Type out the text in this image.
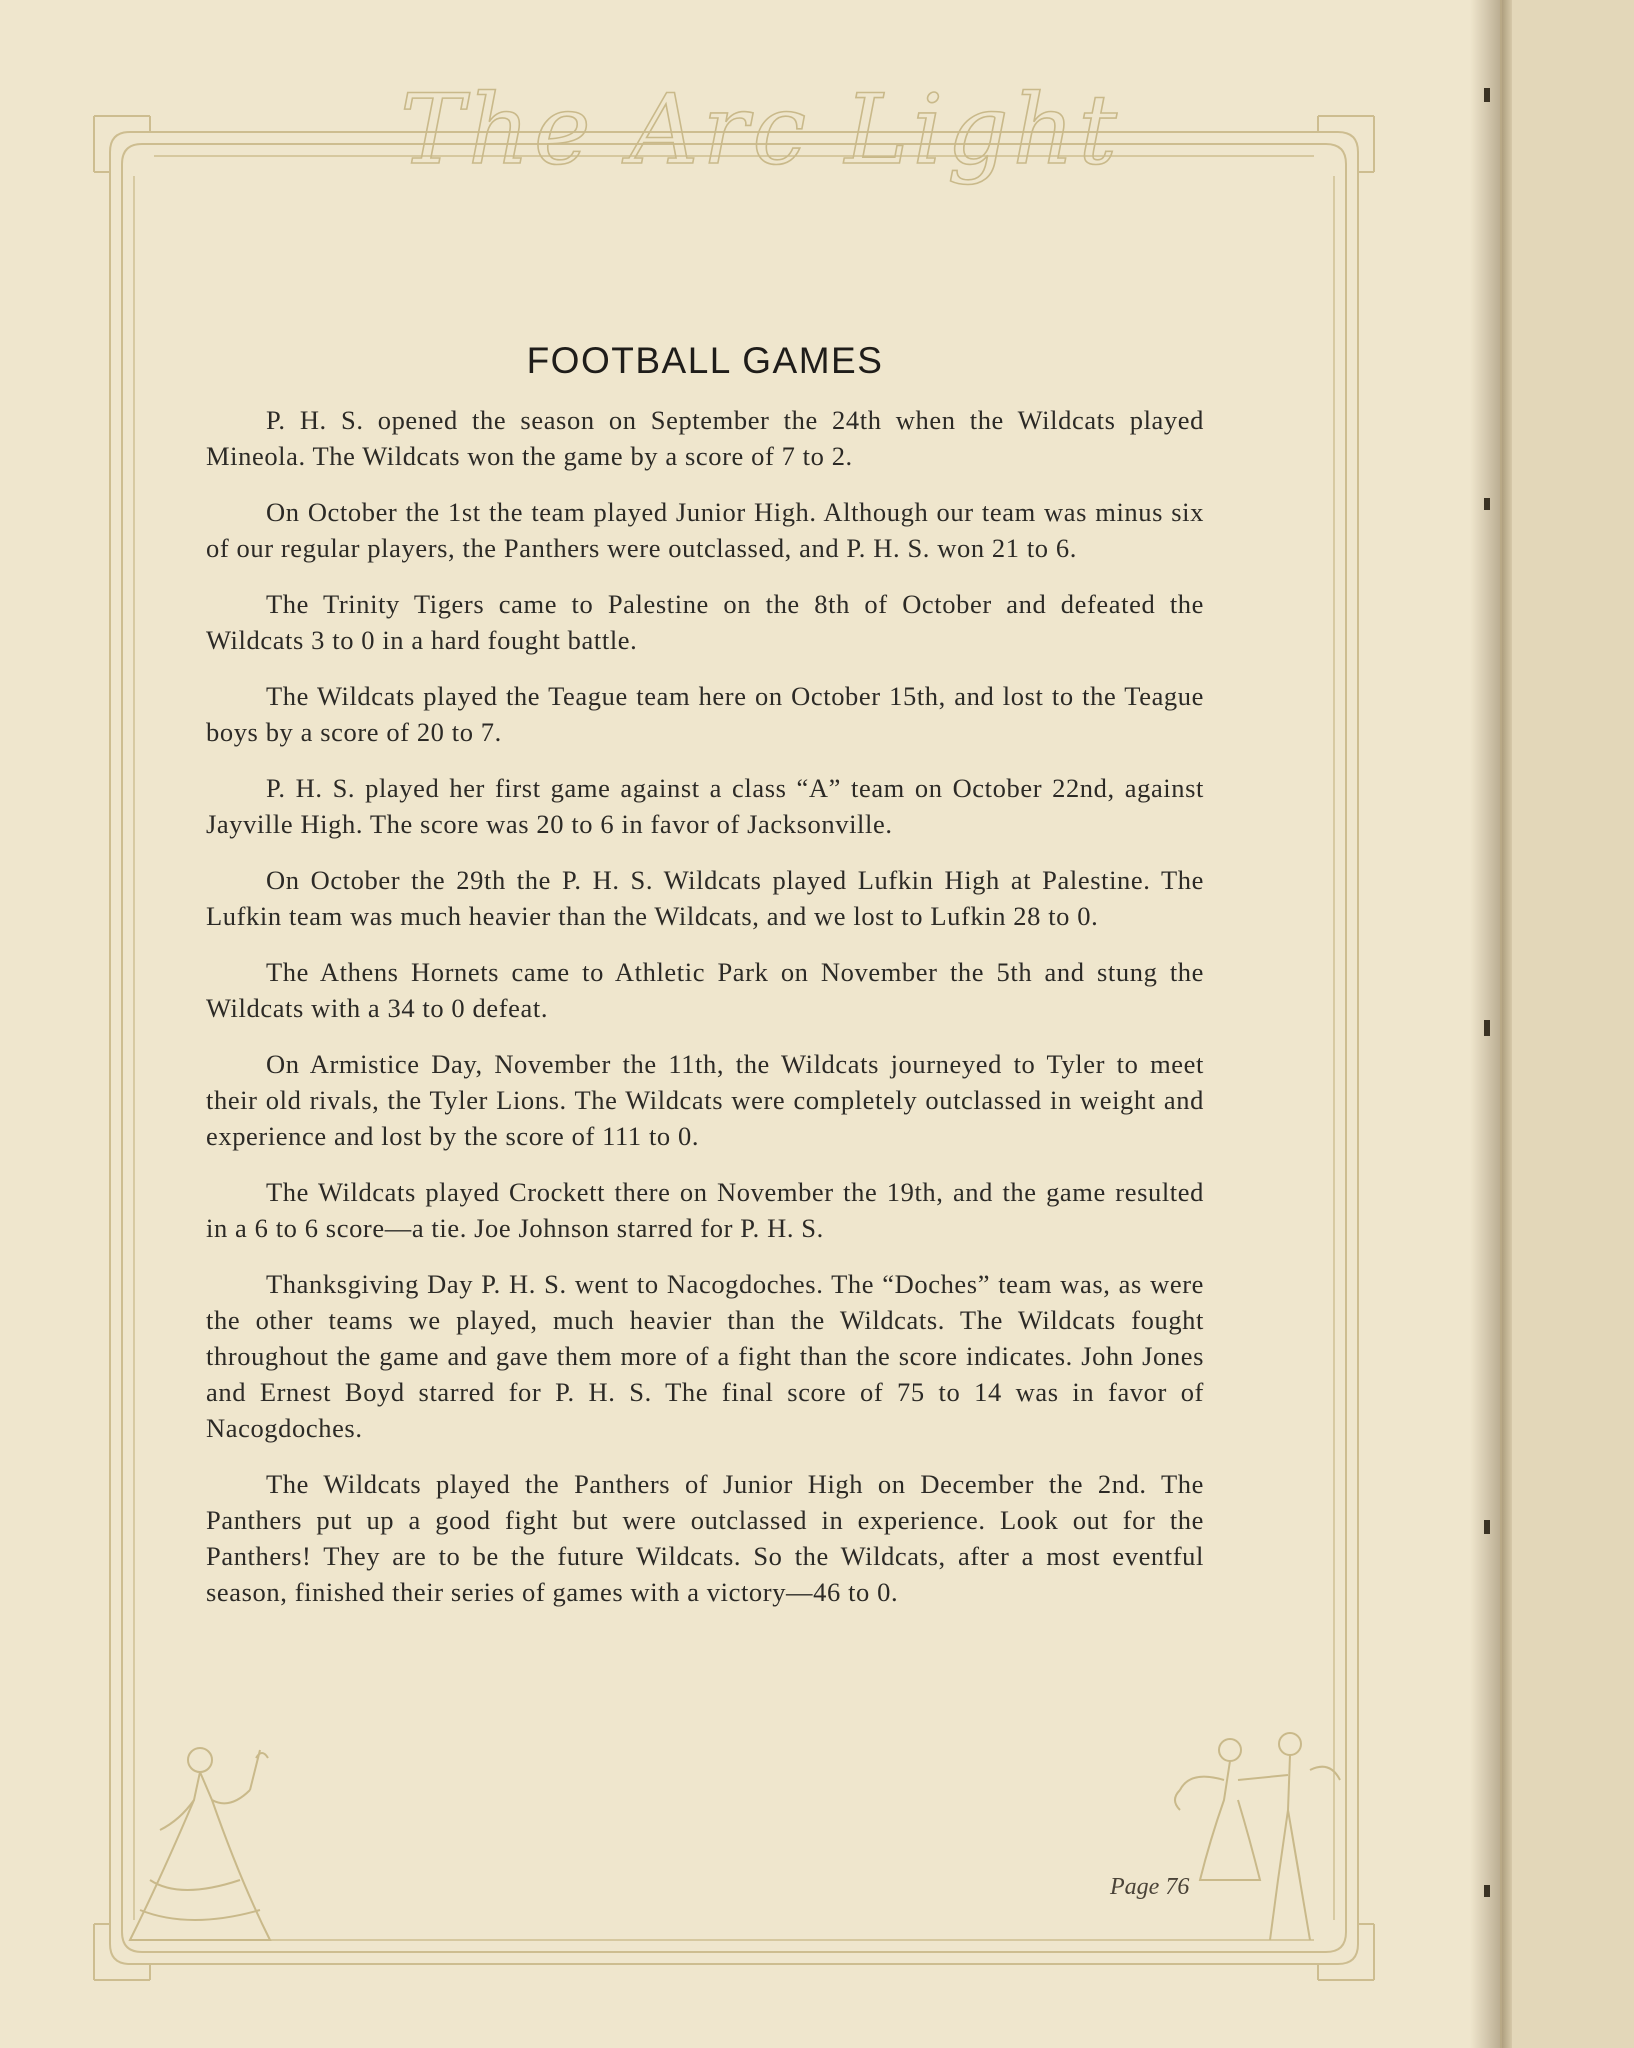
The Arc Light
FOOTBALL GAMES

P. H. S. opened the season on September the 24th when the Wildcats played Mineola. The Wildcats won the game by a score of 7 to 2.

On October the 1st the team played Junior High. Although our team was minus six of our regular players, the Panthers were outclassed, and P. H. S. won 21 to 6.

The Trinity Tigers came to Palestine on the 8th of October and defeated the Wildcats 3 to 0 in a hard fought battle.

The Wildcats played the Teague team here on October 15th, and lost to the Teague boys by a score of 20 to 7.

P. H. S. played her first game against a class “A” team on October 22nd, against Jayville High. The score was 20 to 6 in favor of Jacksonville.

On October the 29th the P. H. S. Wildcats played Lufkin High at Palestine. The Lufkin team was much heavier than the Wildcats, and we lost to Lufkin 28 to 0.

The Athens Hornets came to Athletic Park on November the 5th and stung the Wildcats with a 34 to 0 defeat.

On Armistice Day, November the 11th, the Wildcats journeyed to Tyler to meet their old rivals, the Tyler Lions. The Wildcats were completely outclassed in weight and experience and lost by the score of 111 to 0.

The Wildcats played Crockett there on November the 19th, and the game resulted in a 6 to 6 score—a tie. Joe Johnson starred for P. H. S.

Thanksgiving Day P. H. S. went to Nacogdoches. The “Doches” team was, as were the other teams we played, much heavier than the Wildcats. The Wildcats fought throughout the game and gave them more of a fight than the score indicates. John Jones and Ernest Boyd starred for P. H. S. The final score of 75 to 14 was in favor of Nacogdoches.

The Wildcats played the Panthers of Junior High on December the 2nd. The Panthers put up a good fight but were outclassed in experience. Look out for the Panthers! They are to be the future Wildcats. So the Wildcats, after a most eventful season, finished their series of games with a victory—46 to 0.

Page 76
